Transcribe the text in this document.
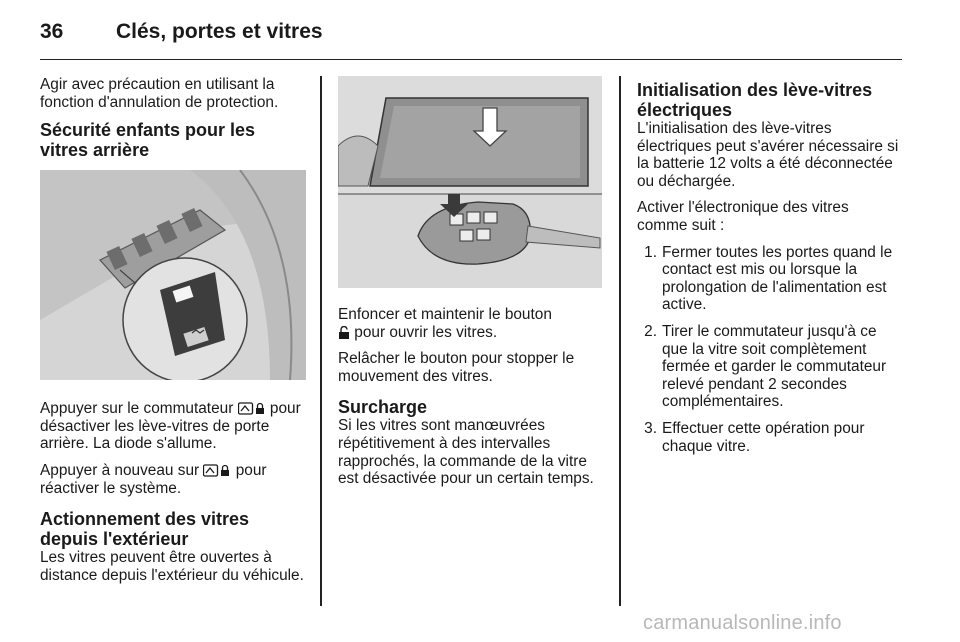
36	Clés, portes et vitres

Agir avec précaution en utilisant la fonction d'annulation de protection.

Sécurité enfants pour les vitres arrière

Appuyer sur le commutateur pour désactiver les lève-vitres de porte arrière. La diode s'allume.

Appuyer à nouveau sur pour réactiver le système.

Actionnement des vitres depuis l'extérieur

Les vitres peuvent être ouvertes à distance depuis l'extérieur du véhicule.

Enfoncer et maintenir le bouton
pour ouvrir les vitres.

Relâcher le bouton pour stopper le mouvement des vitres.

Surcharge

Si les vitres sont manœuvrées répétitivement à des intervalles rapprochés, la commande de la vitre est désactivée pour un certain temps.

Initialisation des lève-vitres électriques

L'initialisation des lève-vitres électriques peut s'avérer nécessaire si la batterie 12 volts a été déconnectée ou déchargée.

Activer l'électronique des vitres comme suit :

1. Fermer toutes les portes quand le contact est mis ou lorsque la prolongation de l'alimentation est active.
2. Tirer le commutateur jusqu'à ce que la vitre soit complètement fermée et garder le commutateur relevé pendant 2 secondes complémentaires.
3. Effectuer cette opération pour chaque vitre.
carmanualsonline.info
